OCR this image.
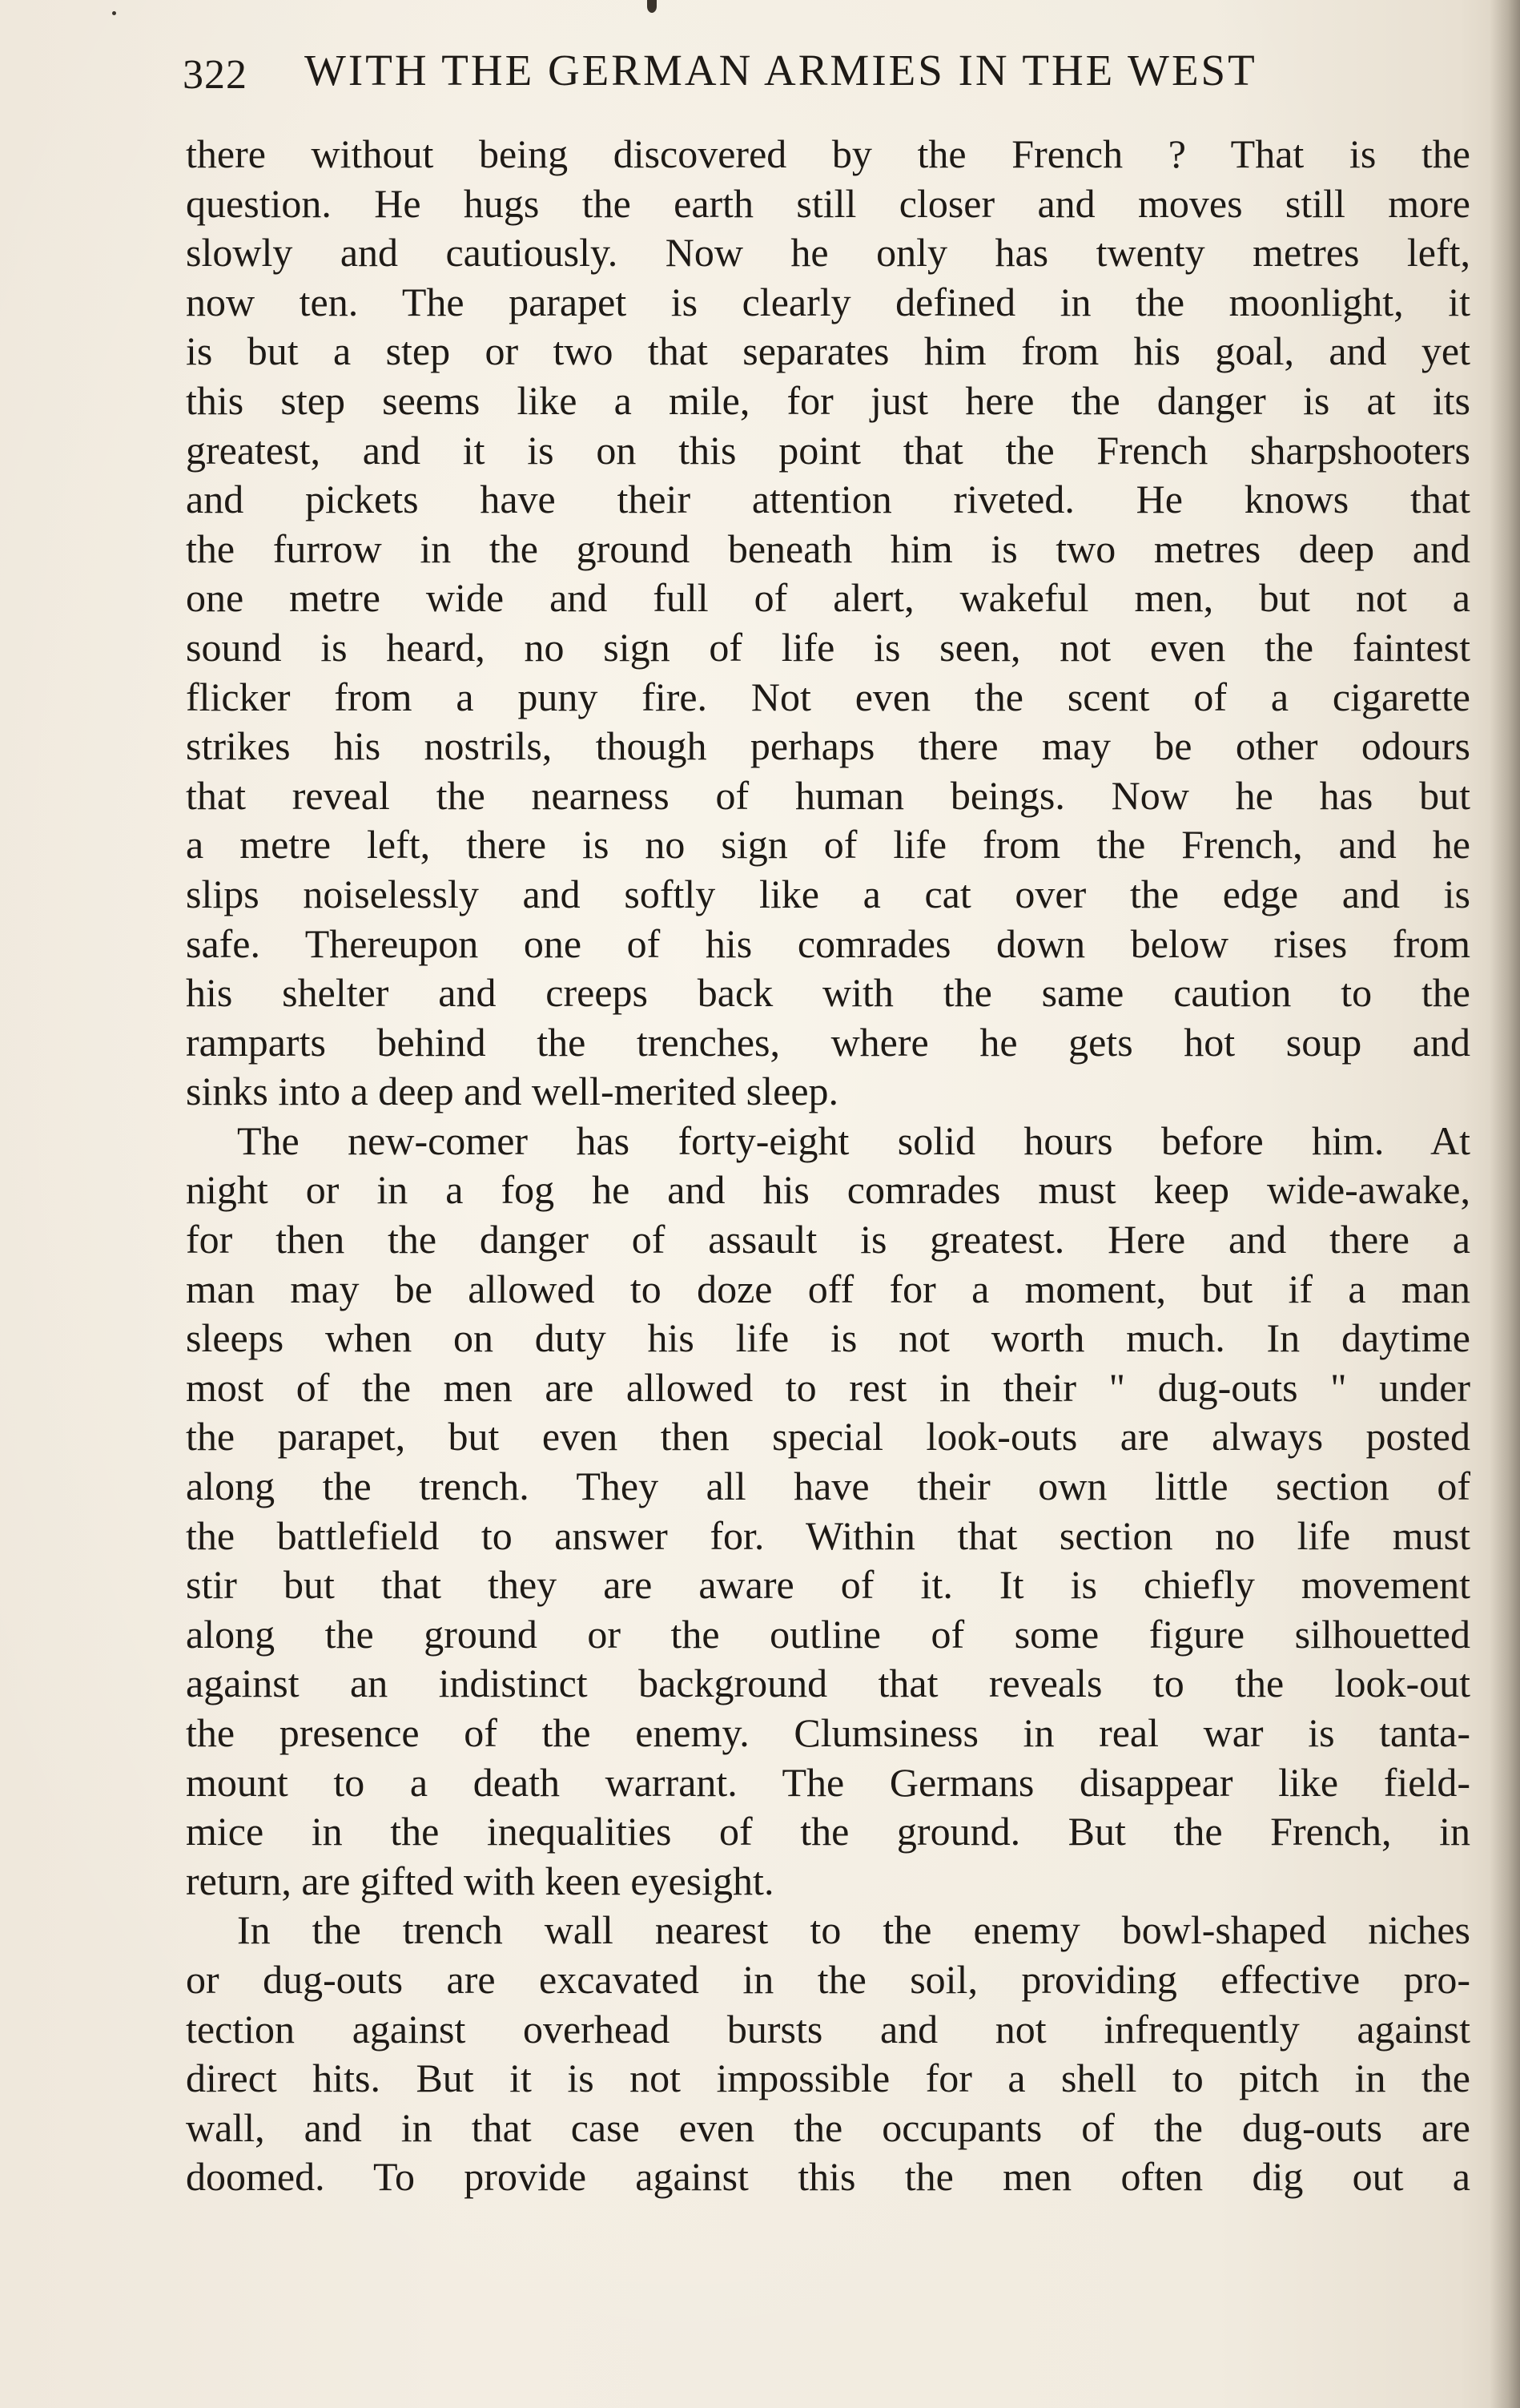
322 WITH THE GERMAN ARMIES IN THE WEST
there without being discovered by the French ? That is the
question. He hugs the earth still closer and moves still more
slowly and cautiously. Now he only has twenty metres left,
now ten. The parapet is clearly defined in the moonlight, it
is but a step or two that separates him from his goal, and yet
this step seems like a mile, for just here the danger is at its
greatest, and it is on this point that the French sharpshooters
and pickets have their attention riveted. He knows that
the furrow in the ground beneath him is two metres deep and
one metre wide and full of alert, wakeful men, but not a
sound is heard, no sign of life is seen, not even the faintest
flicker from a puny fire. Not even the scent of a cigarette
strikes his nostrils, though perhaps there may be other odours
that reveal the nearness of human beings. Now he has but
a metre left, there is no sign of life from the French, and he
slips noiselessly and softly like a cat over the edge and is
safe. Thereupon one of his comrades down below rises from
his shelter and creeps back with the same caution to the
ramparts behind the trenches, where he gets hot soup and
sinks into a deep and well-merited sleep.
The new-comer has forty-eight solid hours before him. At
night or in a fog he and his comrades must keep wide-awake,
for then the danger of assault is greatest. Here and there a
man may be allowed to doze off for a moment, but if a man
sleeps when on duty his life is not worth much. In daytime
most of the men are allowed to rest in their " dug-outs " under
the parapet, but even then special look-outs are always posted
along the trench. They all have their own little section of
the battlefield to answer for. Within that section no life must
stir but that they are aware of it. It is chiefly movement
along the ground or the outline of some figure silhouetted
against an indistinct background that reveals to the look-out
the presence of the enemy. Clumsiness in real war is tanta-
mount to a death warrant. The Germans disappear like field-
mice in the inequalities of the ground. But the French, in
return, are gifted with keen eyesight.
In the trench wall nearest to the enemy bowl-shaped niches
or dug-outs are excavated in the soil, providing effective pro-
tection against overhead bursts and not infrequently against
direct hits. But it is not impossible for a shell to pitch in the
wall, and in that case even the occupants of the dug-outs are
doomed. To provide against this the men often dig out a
